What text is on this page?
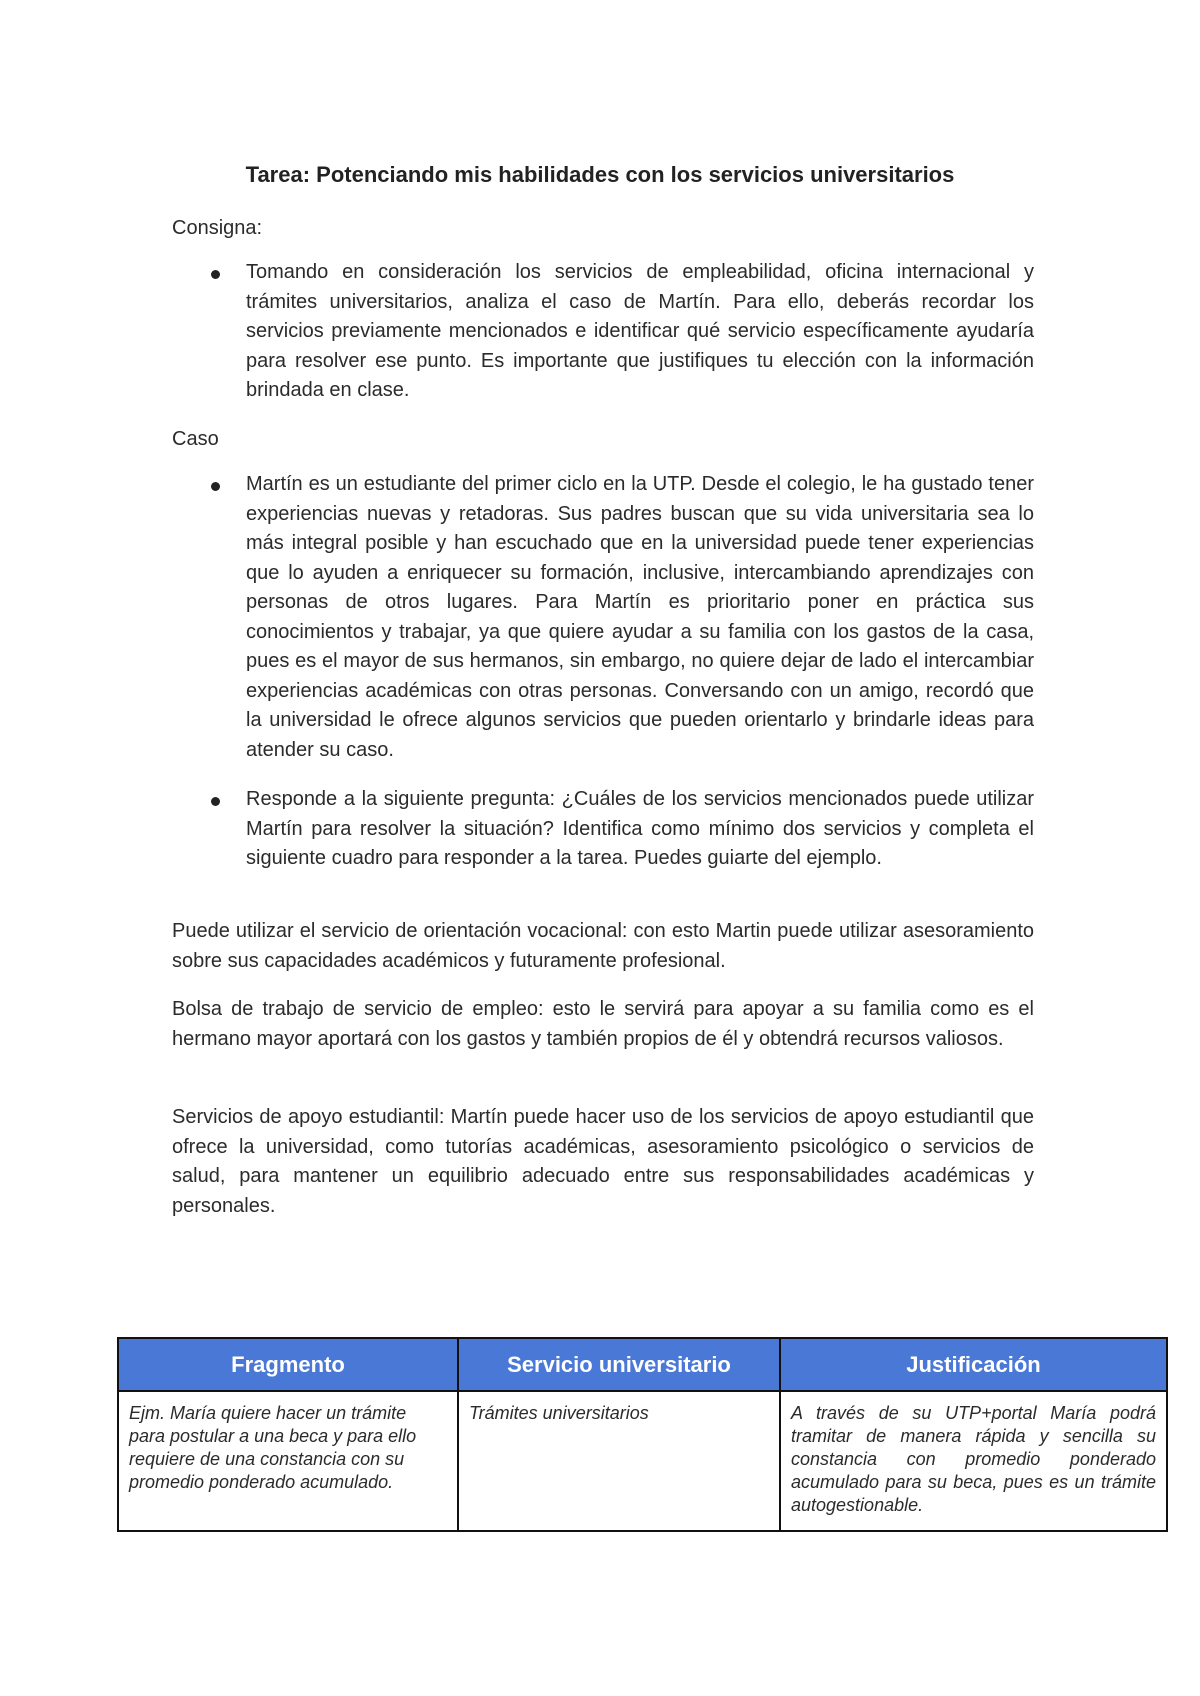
Tarea: Potenciando mis habilidades con los servicios universitarios

Consigna:

Tomando en consideración los servicios de empleabilidad, oficina internacional y trámites universitarios, analiza el caso de Martín. Para ello, deberás recordar los servicios previamente mencionados e identificar qué servicio específicamente ayudaría para resolver ese punto. Es importante que justifiques tu elección con la información brindada en clase.

Caso

Martín es un estudiante del primer ciclo en la UTP. Desde el colegio, le ha gustado tener experiencias nuevas y retadoras. Sus padres buscan que su vida universitaria sea lo más integral posible y han escuchado que en la universidad puede tener experiencias que lo ayuden a enriquecer su formación, inclusive, intercambiando aprendizajes con personas de otros lugares. Para Martín es prioritario poner en práctica sus conocimientos y trabajar, ya que quiere ayudar a su familia con los gastos de la casa, pues es el mayor de sus hermanos, sin embargo, no quiere dejar de lado el intercambiar experiencias académicas con otras personas. Conversando con un amigo, recordó que la universidad le ofrece algunos servicios que pueden orientarlo y brindarle ideas para atender su caso.

Responde a la siguiente pregunta: ¿Cuáles de los servicios mencionados puede utilizar Martín para resolver la situación? Identifica como mínimo dos servicios y completa el siguiente cuadro para responder a la tarea. Puedes guiarte del ejemplo.

Puede utilizar el servicio de orientación vocacional: con esto Martin puede utilizar asesoramiento sobre sus capacidades académicos y futuramente profesional.

Bolsa de trabajo de servicio de empleo: esto le servirá para apoyar a su familia como es el hermano mayor aportará con los gastos y también propios de él y obtendrá recursos valiosos.

Servicios de apoyo estudiantil: Martín puede hacer uso de los servicios de apoyo estudiantil que ofrece la universidad, como tutorías académicas, asesoramiento psicológico o servicios de salud, para mantener un equilibrio adecuado entre sus responsabilidades académicas y personales.

Fragmento	Servicio universitario	Justificación
Ejm. María quiere hacer un trámite para postular a una beca y para ello requiere de una constancia con su promedio ponderado acumulado.	Trámites universitarios	A través de su UTP+portal María podrá tramitar de manera rápida y sencilla su constancia con promedio ponderado acumulado para su beca, pues es un trámite autogestionable.
